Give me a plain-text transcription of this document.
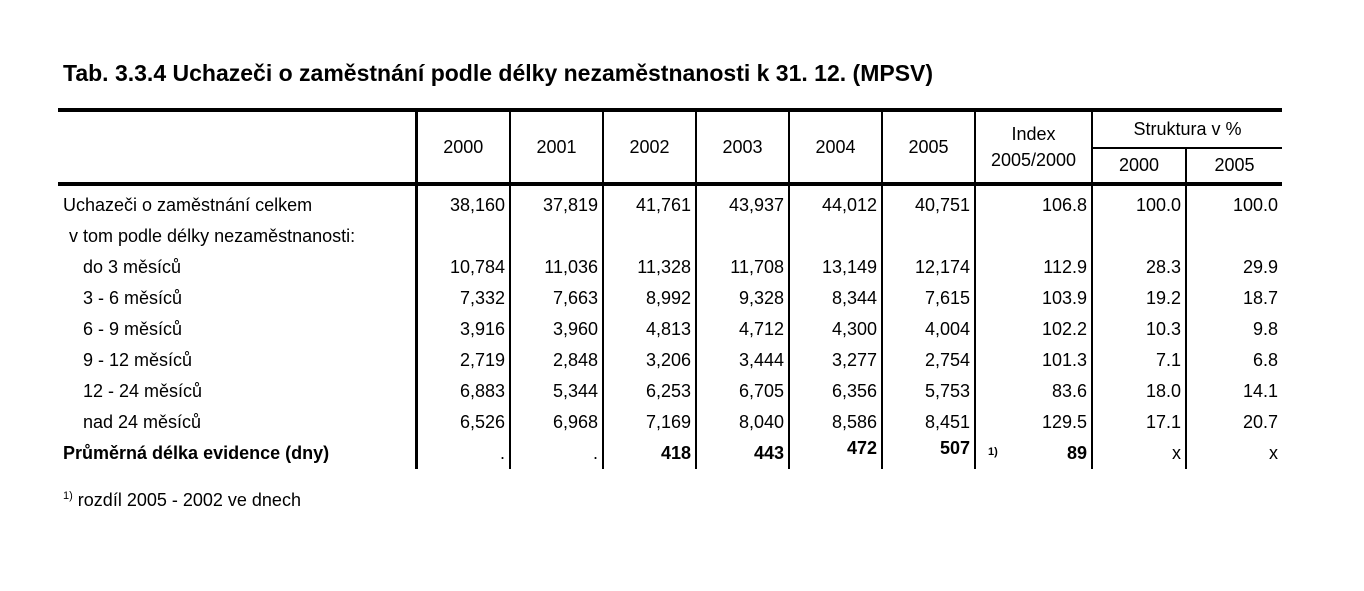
Tab. 3.3.4 Uchazeči o zaměstnání podle délky nezaměstnanosti k 31. 12. (MPSV)
	2000	2001	2002	2003	2004	2005	Index
2005/2000	Struktura v %	
								2000	2005
Uchazeči o zaměstnání celkem	38,160	37,819	41,761	43,937	44,012	40,751	106.8	100.0	100.0
v tom podle délky nezaměstnanosti:									
do 3 měsíců	10,784	11,036	11,328	11,708	13,149	12,174	112.9	28.3	29.9
3 - 6 měsíců	7,332	7,663	8,992	9,328	8,344	7,615	103.9	19.2	18.7
6 - 9 měsíců	3,916	3,960	4,813	4,712	4,300	4,004	102.2	10.3	9.8
9 - 12 měsíců	2,719	2,848	3,206	3,444	3,277	2,754	101.3	7.1	6.8
12 - 24 měsíců	6,883	5,344	6,253	6,705	6,356	5,753	83.6	18.0	14.1
nad 24 měsíců	6,526	6,968	7,169	8,040	8,586	8,451	129.5	17.1	20.7
Průměrná délka evidence (dny)	.	.	418	443	472	507	1) 89	x	x
$^{1)}$ rozdíl 2005 - 2002 ve dnech
